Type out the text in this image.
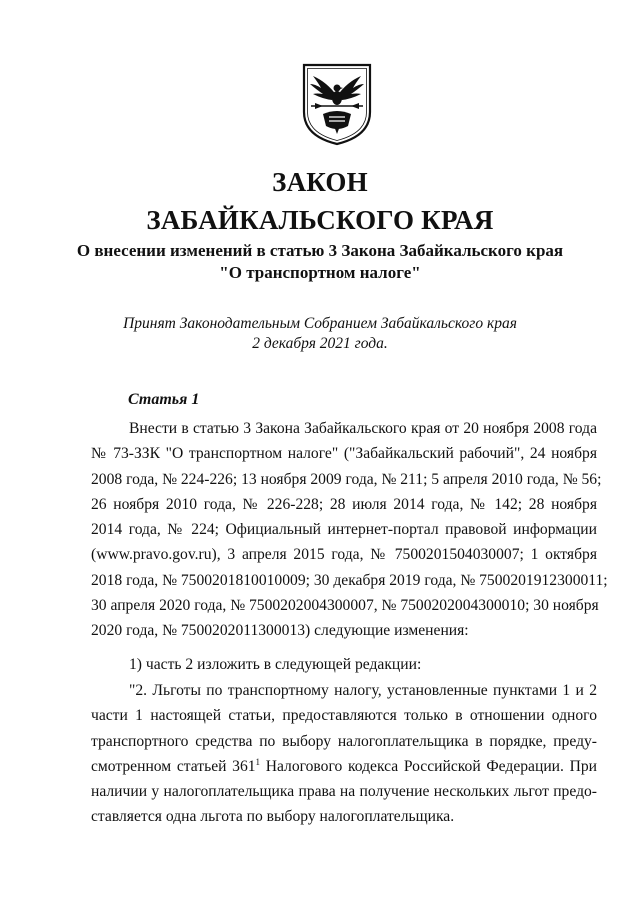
ЗАКОН
ЗАБАЙКАЛЬСКОГО КРАЯ
О внесении изменений в статью 3 Закона Забайкальского края
"О транспортном налоге"
Принят Законодательным Собранием Забайкальского края
2 декабря 2021 года.
Статья 1
Внести в статью 3 Закона Забайкальского края от 20 ноября 2008 года
№ 73-ЗЗК "О транспортном налоге" ("Забайкальский рабочий", 24 ноября
2008 года, № 224-226; 13 ноября 2009 года, № 211; 5 апреля 2010 года, № 56;
26 ноября 2010 года, № 226-228; 28 июля 2014 года, № 142; 28 ноября
2014 года, № 224; Официальный интернет-портал правовой информации
(www.pravo.gov.ru), 3 апреля 2015 года, № 7500201504030007; 1 октября
2018 года, № 7500201810010009; 30 декабря 2019 года, № 7500201912300011;
30 апреля 2020 года, № 7500202004300007, № 7500202004300010; 30 ноября
2020 года, № 7500202011300013) следующие изменения:
1) часть 2 изложить в следующей редакции:
"2. Льготы по транспортному налогу, установленные пунктами 1 и 2
части 1 настоящей статьи, предоставляются только в отношении одного
транспортного средства по выбору налогоплательщика в порядке, преду-
смотренном статьей $361^1$ Налогового кодекса Российской Федерации. При
наличии у налогоплательщика права на получение нескольких льгот предо-
ставляется одна льгота по выбору налогоплательщика.
